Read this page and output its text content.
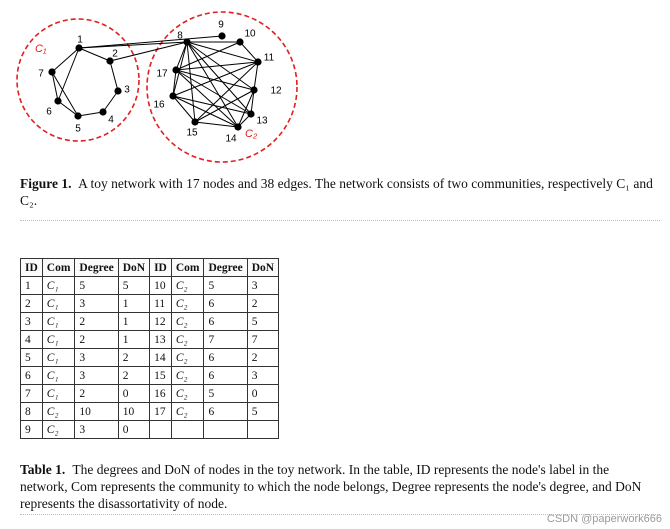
1
2
3
4
5
6
7
8
9
10
11
12
13
14
15
16
17
C₁
C₂
Figure 1. A toy network with 17 nodes and 38 edges. The network consists of two communities, respectively C₁ and C₂.
ID	Com	Degree	DoN	ID	Com	Degree	DoN
1	C₁	5	5	10	C₂	5	3
2	C₁	3	1	11	C₂	6	2
3	C₁	2	1	12	C₂	6	5
4	C₁	2	1	13	C₂	7	7
5	C₁	3	2	14	C₂	6	2
6	C₁	3	2	15	C₂	6	3
7	C₁	2	0	16	C₂	5	0
8	C₂	10	10	17	C₂	6	5
9	C₂	3	0				
Table 1. The degrees and DoN of nodes in the toy network. In the table, ID represents the node's label in the network, Com represents the community to which the node belongs, Degree represents the node's degree, and DoN represents the disassortativity of node.
CSDN @paperwork666
